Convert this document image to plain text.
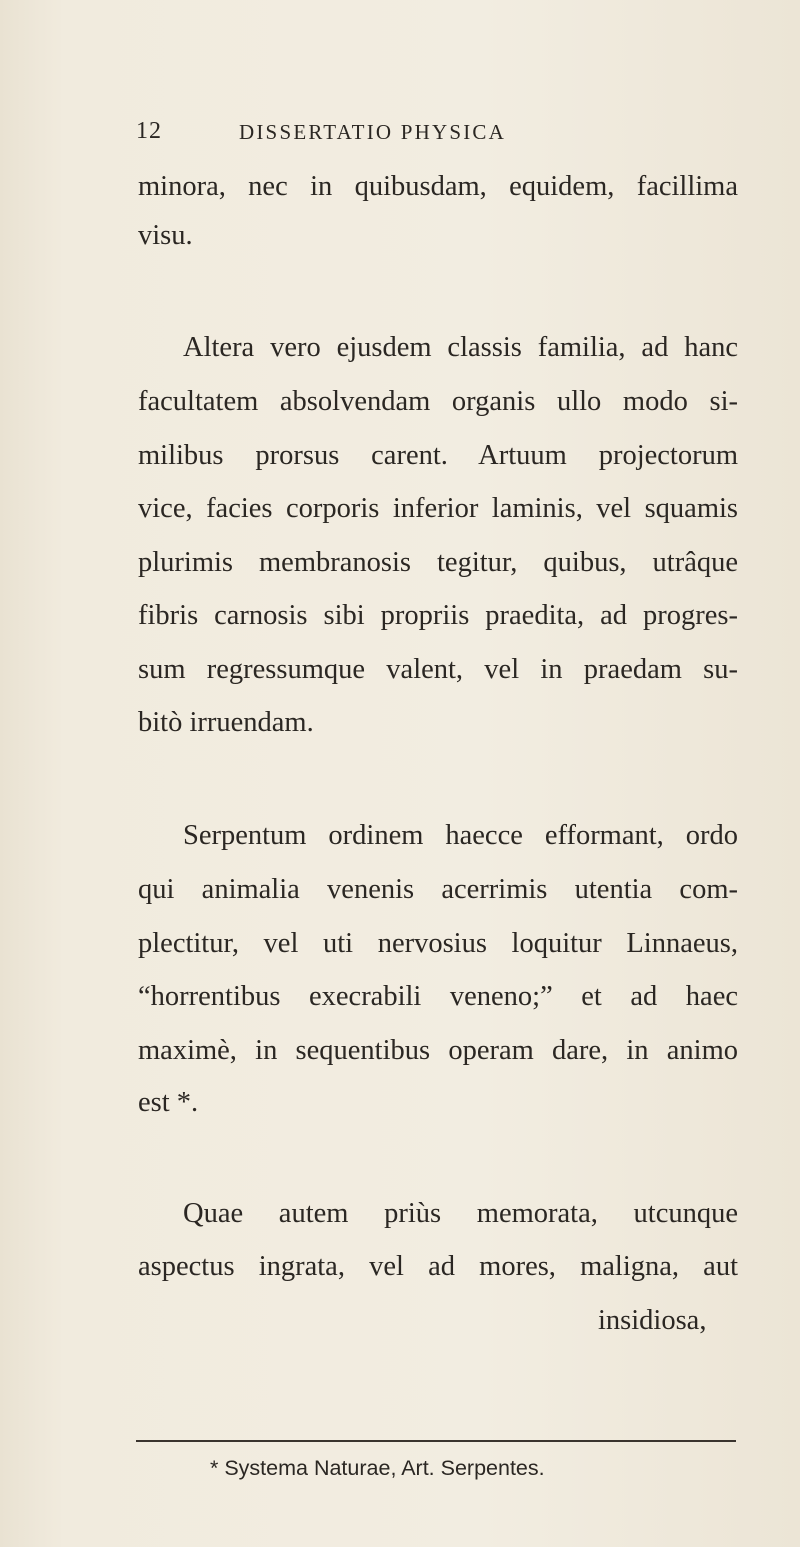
12	DISSERTATIO PHYSICA
minora, nec in quibusdam, equidem, facillima
visu.
Altera vero ejusdem classis familia, ad hanc
facultatem absolvendam organis ullo modo si-
milibus prorsus carent. Artuum projectorum
vice, facies corporis inferior laminis, vel squamis
plurimis membranosis tegitur, quibus, utrâque
fibris carnosis sibi propriis praedita, ad progres-
sum regressumque valent, vel in praedam su-
bitò irruendam.
Serpentum ordinem haecce efformant, ordo
qui animalia venenis acerrimis utentia com-
plectitur, vel uti nervosius loquitur Linnaeus,
“horrentibus execrabili veneno;” et ad haec
maximè, in sequentibus operam dare, in animo
est *.
Quae autem priùs memorata, utcunque
aspectus ingrata, vel ad mores, maligna, aut
insidiosa,
* Systema Naturae, Art. Serpentes.
